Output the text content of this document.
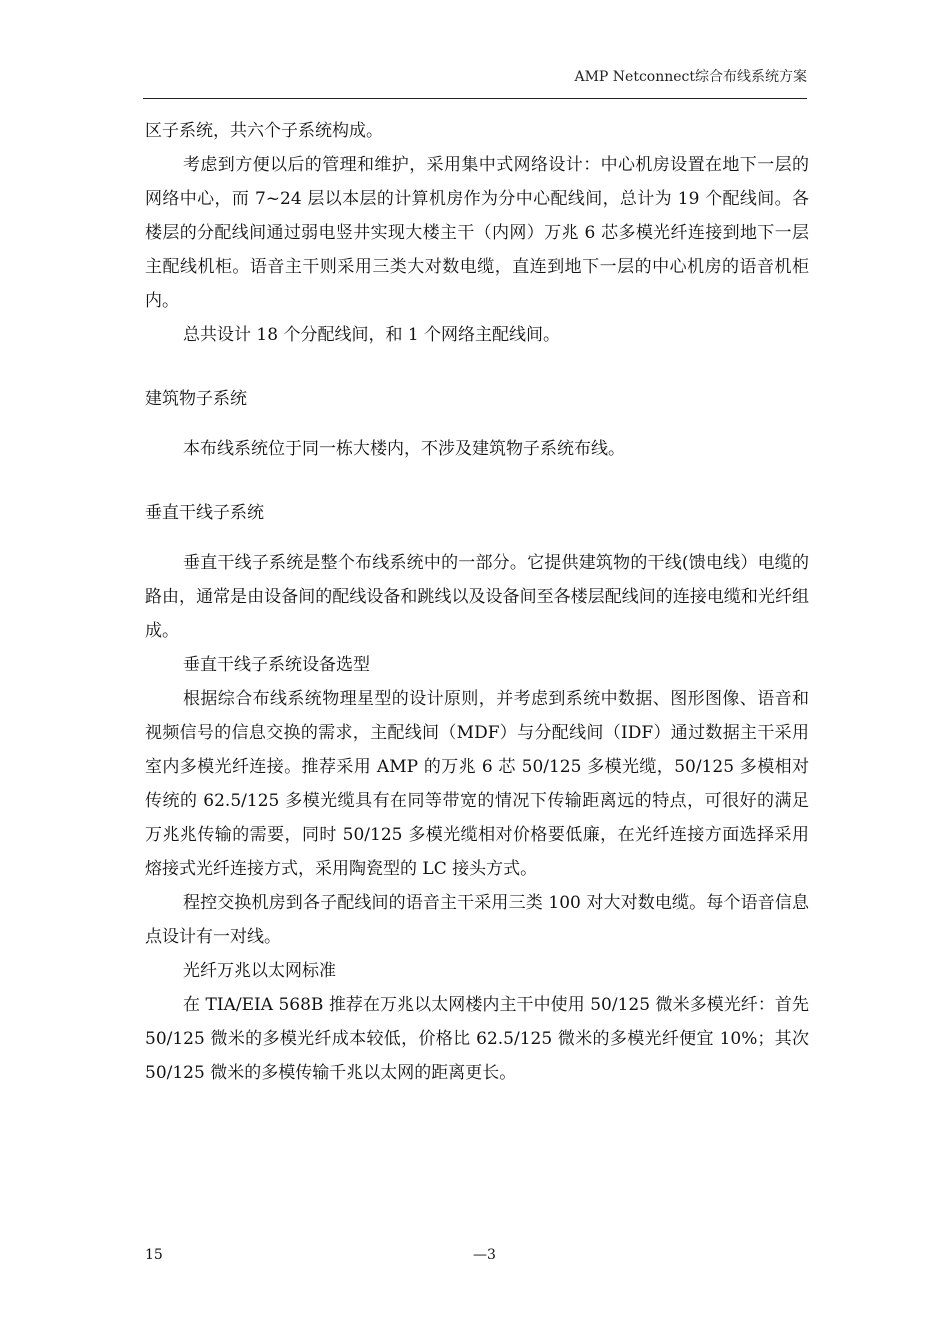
AMP Netconnect综合布线系统方案

区子系统，共六个子系统构成。

考虑到方便以后的管理和维护，采用集中式网络设计：中心机房设置在地下一层的网络中心，而 7~24 层以本层的计算机房作为分中心配线间，总计为 19 个配线间。各楼层的分配线间通过弱电竖井实现大楼主干（内网）万兆 6 芯多模光纤连接到地下一层主配线机柜。语音主干则采用三类大对数电缆，直连到地下一层的中心机房的语音机柜内。

总共设计 18 个分配线间，和 1 个网络主配线间。

建筑物子系统

本布线系统位于同一栋大楼内，不涉及建筑物子系统布线。

垂直干线子系统

垂直干线子系统是整个布线系统中的一部分。它提供建筑物的干线(馈电线）电缆的路由，通常是由设备间的配线设备和跳线以及设备间至各楼层配线间的连接电缆和光纤组成。

垂直干线子系统设备选型

根据综合布线系统物理星型的设计原则，并考虑到系统中数据、图形图像、语音和视频信号的信息交换的需求，主配线间（MDF）与分配线间（IDF）通过数据主干采用室内多模光纤连接。推荐采用 AMP 的万兆 6 芯 50/125 多模光缆，50/125 多模相对传统的 62.5/125 多模光缆具有在同等带宽的情况下传输距离远的特点，可很好的满足万兆兆传输的需要，同时 50/125 多模光缆相对价格要低廉，在光纤连接方面选择采用熔接式光纤连接方式，采用陶瓷型的 LC 接头方式。

程控交换机房到各子配线间的语音主干采用三类 100 对大对数电缆。每个语音信息点设计有一对线。

光纤万兆以太网标准

在 TIA/EIA 568B 推荐在万兆以太网楼内主干中使用 50/125 微米多模光纤：首先 50/125 微米的多模光纤成本较低，价格比 62.5/125 微米的多模光纤便宜 10%；其次 50/125 微米的多模传输千兆以太网的距离更长。

15	—3
